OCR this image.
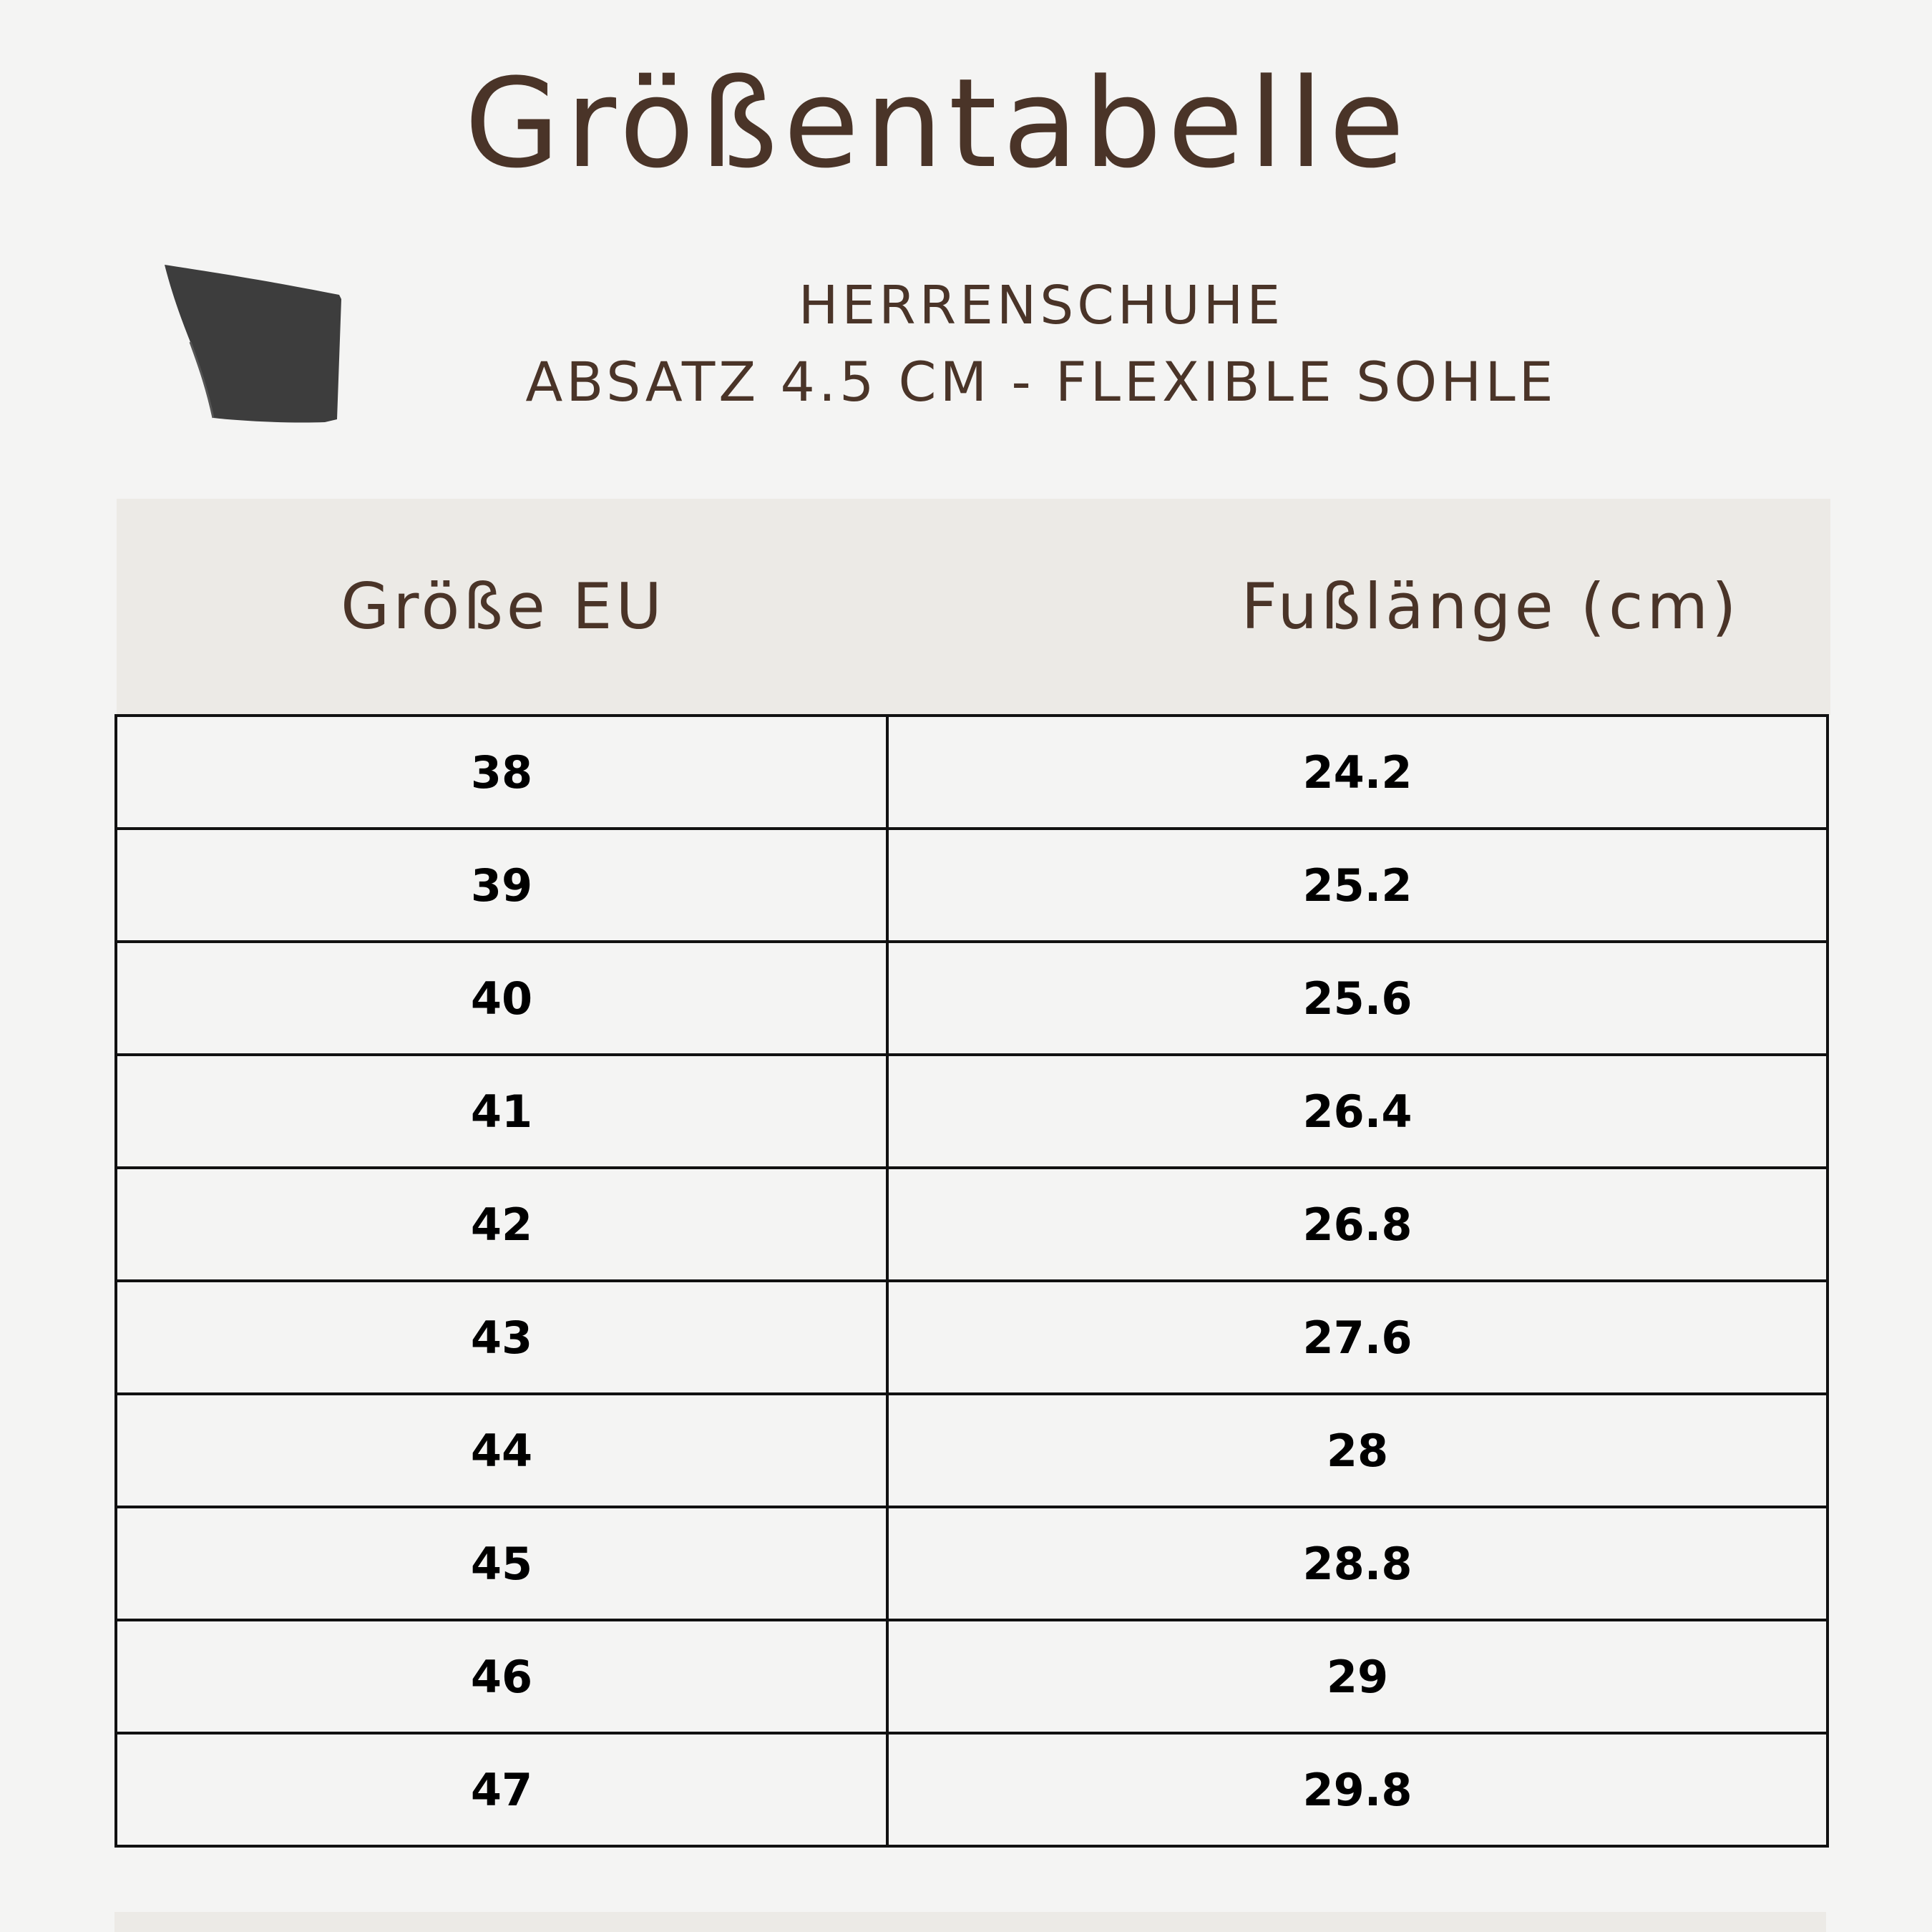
Größentabelle
HERRENSCHUHE
ABSATZ 4.5 CM - FLEXIBLE SOHLE
Größe EU	Fußlänge (cm)
38	24.2
39	25.2
40	25.6
41	26.4
42	26.8
43	27.6
44	28
45	28.8
46	29
47	29.8
